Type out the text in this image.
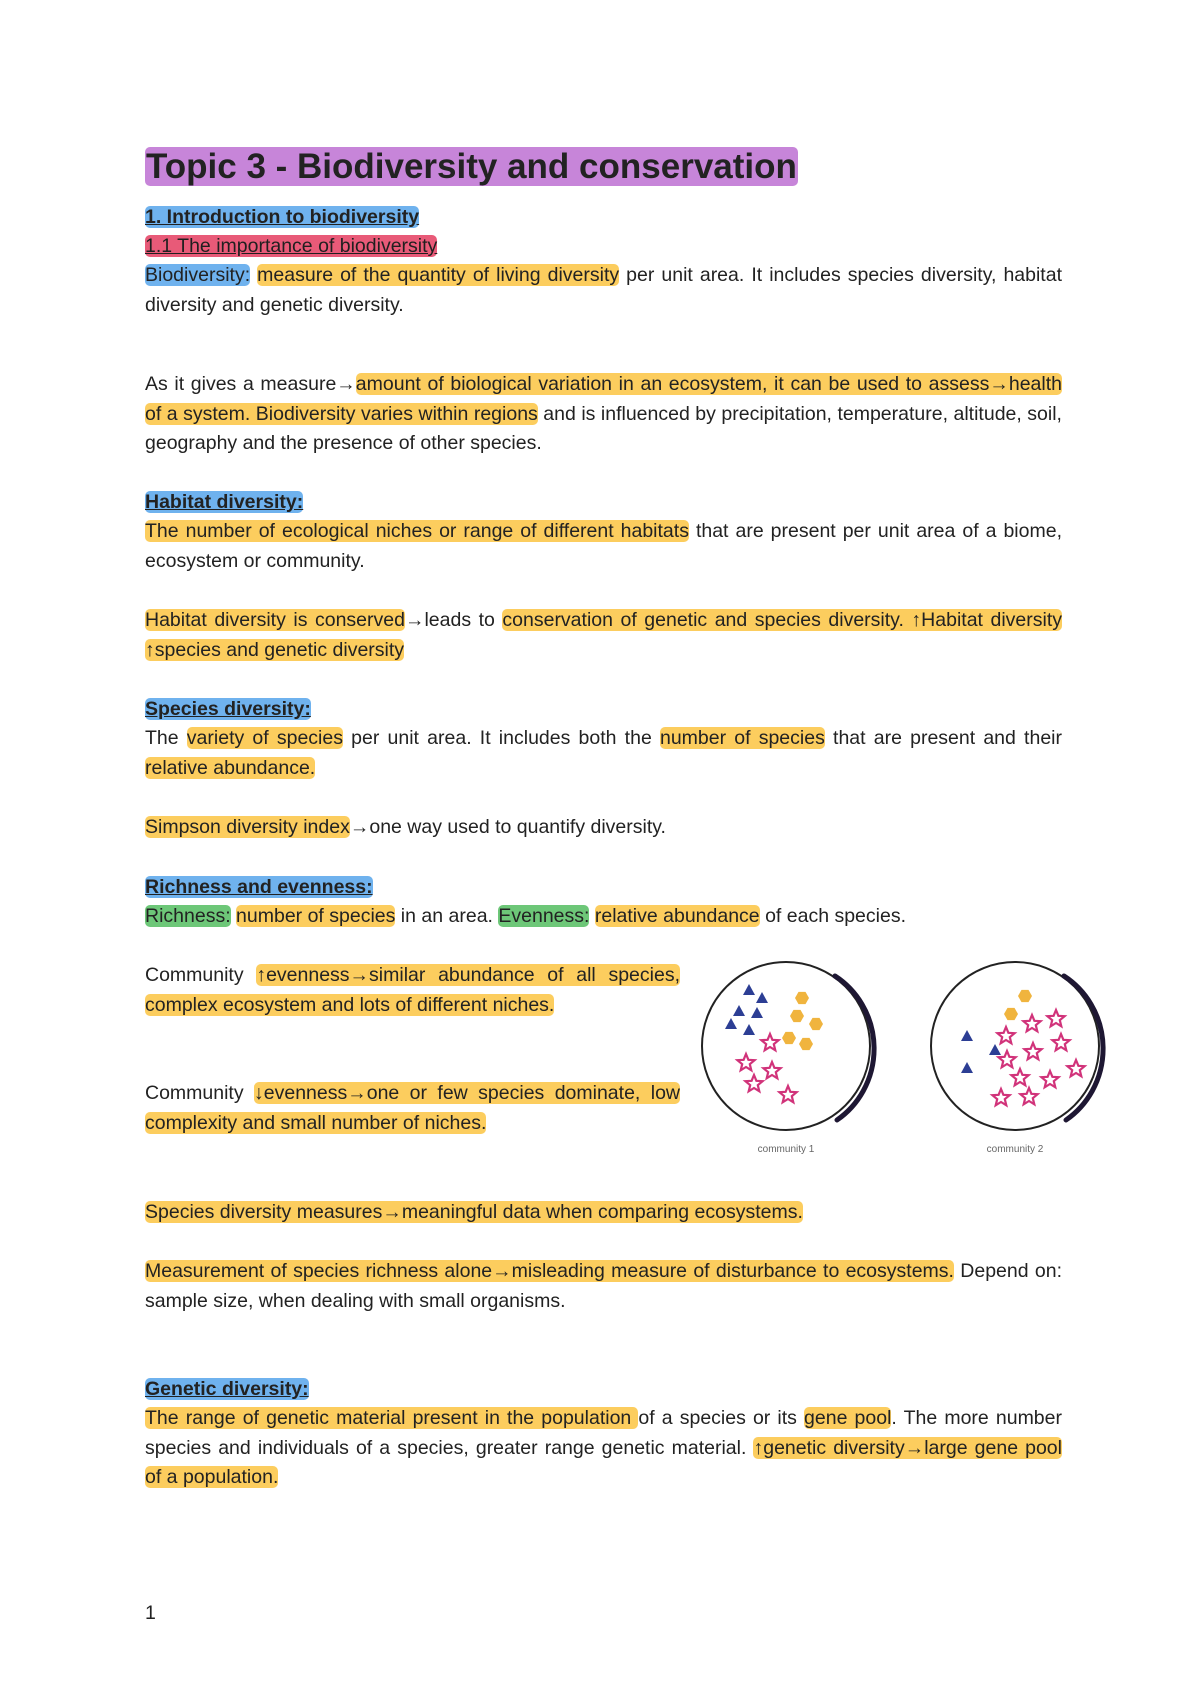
Topic 3 - Biodiversity and conservation

1. Introduction to biodiversity

1.1 The importance of biodiversity

Biodiversity: measure of the quantity of living diversity per unit area. It includes species diversity, habitat diversity and genetic diversity.

As it gives a measure→amount of biological variation in an ecosystem, it can be used to assess→health of a system. Biodiversity varies within regions and is influenced by precipitation, temperature, altitude, soil, geography and the presence of other species.

Habitat diversity:

The number of ecological niches or range of different habitats that are present per unit area of a biome, ecosystem or community.

Habitat diversity is conserved→leads to conservation of genetic and species diversity. ↑Habitat diversity ↑species and genetic diversity

Species diversity:

The variety of species per unit area. It includes both the number of species that are present and their relative abundance.

Simpson diversity index→one way used to quantify diversity.

Richness and evenness:

Richness: number of species in an area. Evenness: relative abundance of each species.

Community ↑evenness→similar abundance of all species, complex ecosystem and lots of different niches.

Community ↓evenness→one or few species dominate, low complexity and small number of niches.

Species diversity measures→meaningful data when comparing ecosystems.

Measurement of species richness alone→misleading measure of disturbance to ecosystems. Depend on: sample size, when dealing with small organisms.

Genetic diversity:

The range of genetic material present in the population of a species or its gene pool. The more number species and individuals of a species, greater range genetic material. ↑genetic diversity→large gene pool of a population.

community 1	community 2
1
